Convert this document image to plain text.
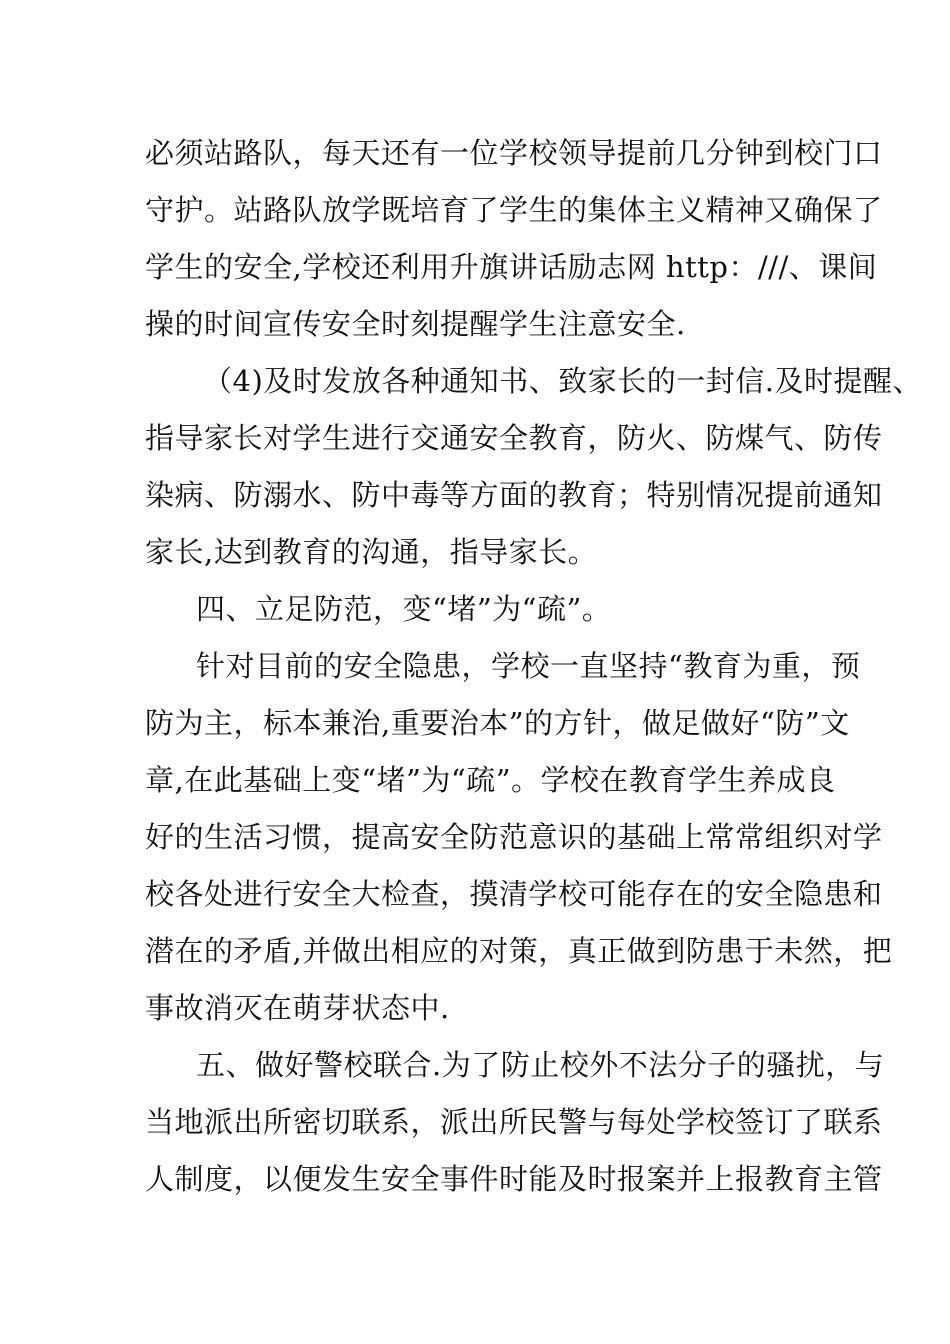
必须站路队，每天还有一位学校领导提前几分钟到校门口
守护。站路队放学既培育了学生的集体主义精神又确保了
学生的安全,学校还利用升旗讲话励志网 http：///、课间
操的时间宣传安全时刻提醒学生注意安全.
（4)及时发放各种通知书、致家长的一封信.及时提醒、
指导家长对学生进行交通安全教育，防火、防煤气、防传
染病、防溺水、防中毒等方面的教育；特别情况提前通知
家长,达到教育的沟通，指导家长。
四、立足防范，变“堵”为“疏”。
针对目前的安全隐患，学校一直坚持“教育为重，预
防为主，标本兼治,重要治本”的方针，做足做好“防”文
章,在此基础上变“堵”为“疏”。学校在教育学生养成良
好的生活习惯，提高安全防范意识的基础上常常组织对学
校各处进行安全大检查，摸清学校可能存在的安全隐患和
潜在的矛盾,并做出相应的对策，真正做到防患于未然，把
事故消灭在萌芽状态中.
五、做好警校联合.为了防止校外不法分子的骚扰，与
当地派出所密切联系，派出所民警与每处学校签订了联系
人制度，以便发生安全事件时能及时报案并上报教育主管
